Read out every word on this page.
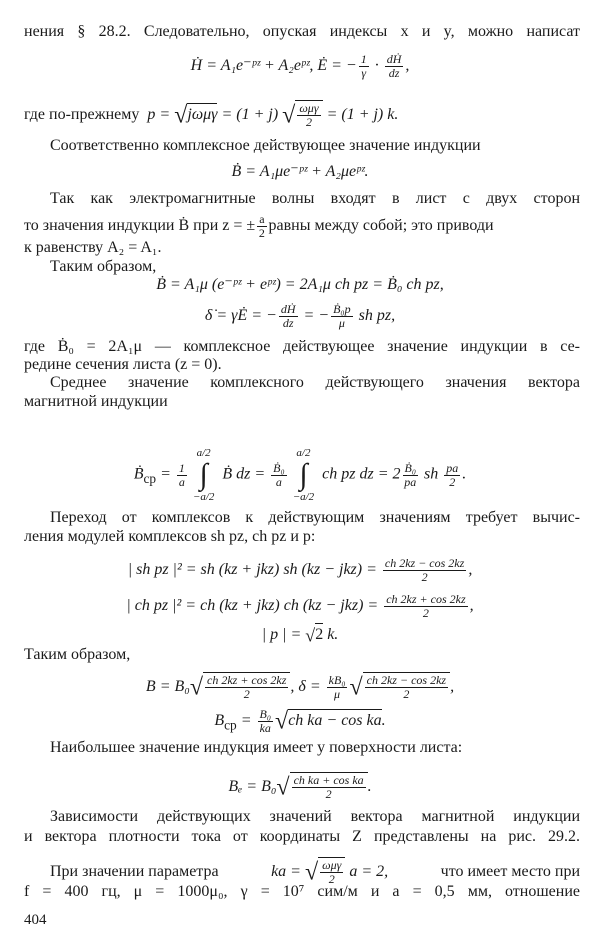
нения § 28.2. Следовательно, опуская индексы x и y, можно написат
Ḣ = A₁e⁻ᵖᶻ + A₂eᵖᶻ, Ė = − $\frac{1}{\gamma} \cdot \frac{\text{dḢ}}{dz}$ ,
где по-прежнему p = √jωμγ = (1 + j) √ $\frac{\text{ωμγ}}{2} = (1 + j)$ k.
Соответственно комплексное действующее значение индукции
Ḃ = A₁μe⁻ᵖᶻ + A₂μeᵖᶻ.
Так как электромагнитные волны входят в лист с двух сторон
то значения индукции Ḃ при z = ± $\frac{a}{2}$ равны между собой; это приводи
к равенству A₂ = A₁.
Таким образом,
Ḃ = A₁μ (e⁻ᵖᶻ + eᵖᶻ) = 2A₁μ ch pz = Ḃ₀ ch pz,
δ̇ = γĖ = − $\frac{\text{dḢ}}{dz}$ = − $\frac{\text{Ḃ₀p}}{\mu}$ sh pz,
где Ḃ₀ = 2A₁μ — комплексное действующее значение индукции в се-
редине сечения листа (z = 0).
Среднее значение комплексного действующего значения вектора
магнитной индукции
Ḃ$_{ср}$ = $\frac{1}{a}$
a/2
∫
−a/2
Ḃ dz = $\frac{\text{Ḃ₀}}{a}$
a/2
∫
−a/2
ch pz dz = $2 \frac{\text{Ḃ₀}}{pa}$ sh $\frac{pa}{2}$ .
Переход от комплексов к действующим значениям требует вычис-
ления модулей комплексов sh pz, ch pz и p:
| sh pz |² = sh (kz + jkz) sh $(kz - jkz) = \frac{ch 2kz - \cos 2kz}{2}$ ,
| ch pz |² = ch (kz + jkz) ch $(kz - jkz) = \frac{ch 2kz + \cos 2kz}{2}$ ,
| p | = √2 k.
Таким образом,
$B = B_0√ \frac{ch 2kz + \cos 2kz}{2}$ , $\delta = \frac{\text{kB₀}}{\mu}$ √ $\frac{ch 2kz - \cos 2kz}{2}$ ,
$B_{ср} = \frac{\text{B₀}}{ka} √ch$ ka − cos ka.
Наибольшее значение индукция имеет у поверхности листа:
$B_e = B_0√ \frac{\text{ch ka + cos ka}}{2}$ .
Зависимости действующих значений вектора магнитной индукции
и вектора плотности тока от координаты Z представлены на рис. 29.2.
При значении параметра	ka = √ $\frac{\text{ωμγ}}{2}$ a = 2,	что имеет место при
f = 400 гц, μ = 1000μ₀, γ = 10⁷ сим/м и a = 0,5 мм, отношение
404
